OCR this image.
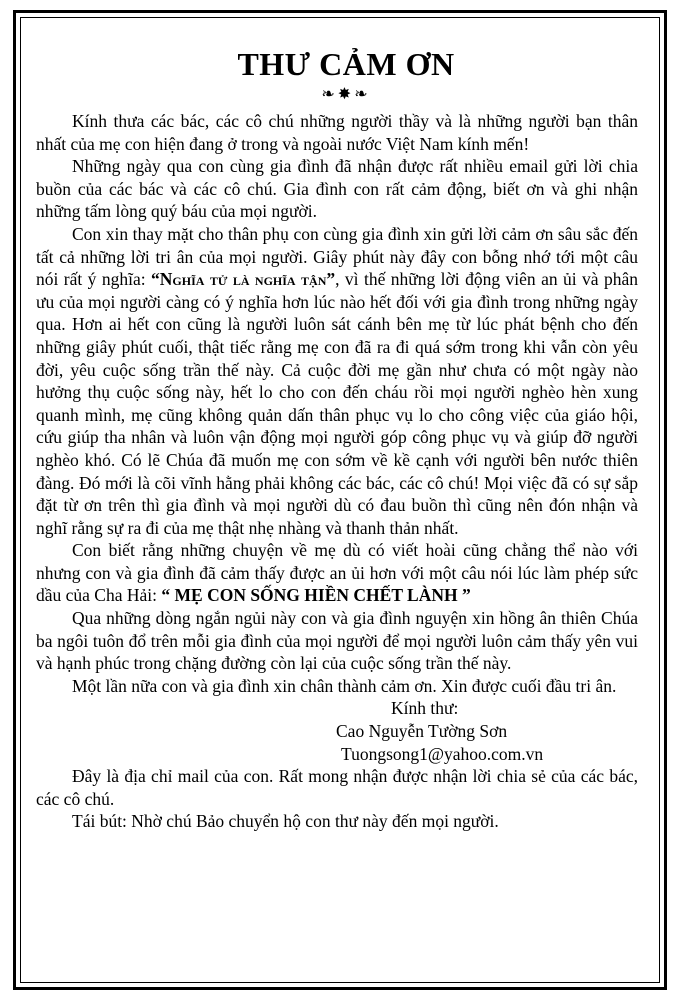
THƯ CẢM ƠN
❧✸❧

Kính thưa các bác, các cô chú những người thầy và là những người bạn thân nhất của mẹ con hiện đang ở trong và ngoài nước Việt Nam kính mến!

Những ngày qua con cùng gia đình đã nhận được rất nhiều email gửi lời chia buồn của các bác và các cô chú. Gia đình con rất cảm động, biết ơn và ghi nhận những tấm lòng quý báu của mọi người.

Con xin thay mặt cho thân phụ con cùng gia đình xin gửi lời cảm ơn sâu sắc đến tất cả những lời tri ân của mọi người. Giây phút này đây con bỗng nhớ tới một câu nói rất ý nghĩa: “Nghĩa tử là nghĩa tận”, vì thế những lời động viên an ủi và phân ưu của mọi người càng có ý nghĩa hơn lúc nào hết đối với gia đình trong những ngày qua. Hơn ai hết con cũng là người luôn sát cánh bên mẹ từ lúc phát bệnh cho đến những giây phút cuối, thật tiếc rằng mẹ con đã ra đi quá sớm trong khi vẫn còn yêu đời, yêu cuộc sống trần thế này. Cả cuộc đời mẹ gần như chưa có một ngày nào hưởng thụ cuộc sống này, hết lo cho con đến cháu rồi mọi người nghèo hèn xung quanh mình, mẹ cũng không quản dấn thân phục vụ lo cho công việc của giáo hội, cứu giúp tha nhân và luôn vận động mọi người góp công phục vụ và giúp đỡ người nghèo khó. Có lẽ Chúa đã muốn mẹ con sớm về kề cạnh với người bên nước thiên đàng. Đó mới là cõi vĩnh hằng phải không các bác, các cô chú! Mọi việc đã có sự sắp đặt từ ơn trên thì gia đình và mọi người dù có đau buồn thì cũng nên đón nhận và nghĩ rằng sự ra đi của mẹ thật nhẹ nhàng và thanh thản nhất.

Con biết rằng những chuyện về mẹ dù có viết hoài cũng chẳng thể nào với nhưng con và gia đình đã cảm thấy được an ủi hơn với một câu nói lúc làm phép sức dầu của Cha Hải: “ MẸ CON SỐNG HIỀN CHẾT LÀNH ”

Qua những dòng ngắn ngủi này con và gia đình nguyện xin hồng ân thiên Chúa ba ngôi tuôn đổ trên mỗi gia đình của mọi người để mọi người luôn cảm thấy yên vui và hạnh phúc trong chặng đường còn lại của cuộc sống trần thế này.

Một lần nữa con và gia đình xin chân thành cảm ơn. Xin được cuối đầu tri ân.

Kính thư:

Cao Nguyễn Tường Sơn

Tuongsong1@yahoo.com.vn

Đây là địa chỉ mail của con. Rất mong nhận được nhận lời chia sẻ của các bác, các cô chú.

Tái bút: Nhờ chú Bảo chuyển hộ con thư này đến mọi người.
